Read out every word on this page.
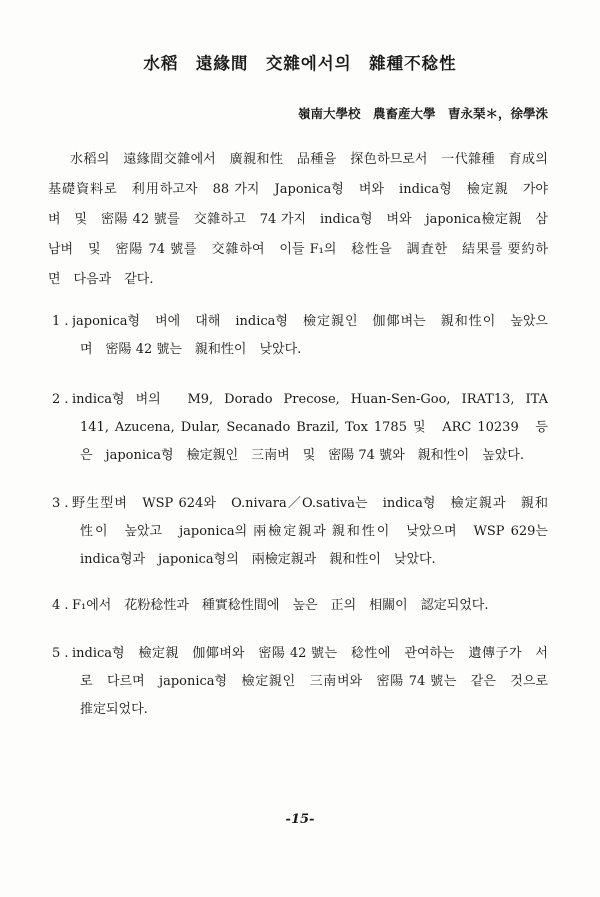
水稻　遠緣間　交雜에서의　雜種不稔性
嶺南大學校　農畜産大學　曺永琹＊，徐學洙
水稻의　遠緣間交雜에서　廣親和性　品種을　探色하므로서　一代雜種　育成의
基礎資料로　利用하고자　88 가지　Japonica형　벼와　indica형　檢定親　가야
벼　및　密陽 42 號를　交雜하고　74 가지　indica형　벼와　japonica檢定親　삼
남벼　및　密陽 74 號를　交雜하여　이들 F₁의　稔性을　調査한　結果를 要約하
면　다음과　같다.
1 . japonica형　벼에　대해　indica형　檢定親인　伽倻벼는　親和性이　높았으
며　密陽 42 號는　親和性이　낮았다.
2 . indica형 벼의　M9, Dorado Precose, Huan-Sen-Goo, IRAT13, ITA
141, Azucena, Dular, Secanado Brazil, Tox 1785 및　ARC 10239　등
은　japonica형　檢定親인　三南벼　및　密陽 74 號와　親和性이　높았다.
3 . 野生型벼　WSP 624와　O.nivara／O.sativa는　indica형　檢定親과　親和
性이　높았고　japonica의 兩檢定親과 親和性이　낮았으며　WSP 629는
indica형과　japonica형의　兩檢定親과　親和性이　낮았다.
4 . F₁에서　花粉稔性과　種實稔性間에　높은　正의　相關이　認定되었다.
5 . indica형　檢定親　伽倻벼와　密陽 42 號는　稔性에　관여하는　遺傳子가　서
로　다르며　japonica형　檢定親인　三南벼와　密陽 74 號는　같은　것으로
推定되었다.
-15-
